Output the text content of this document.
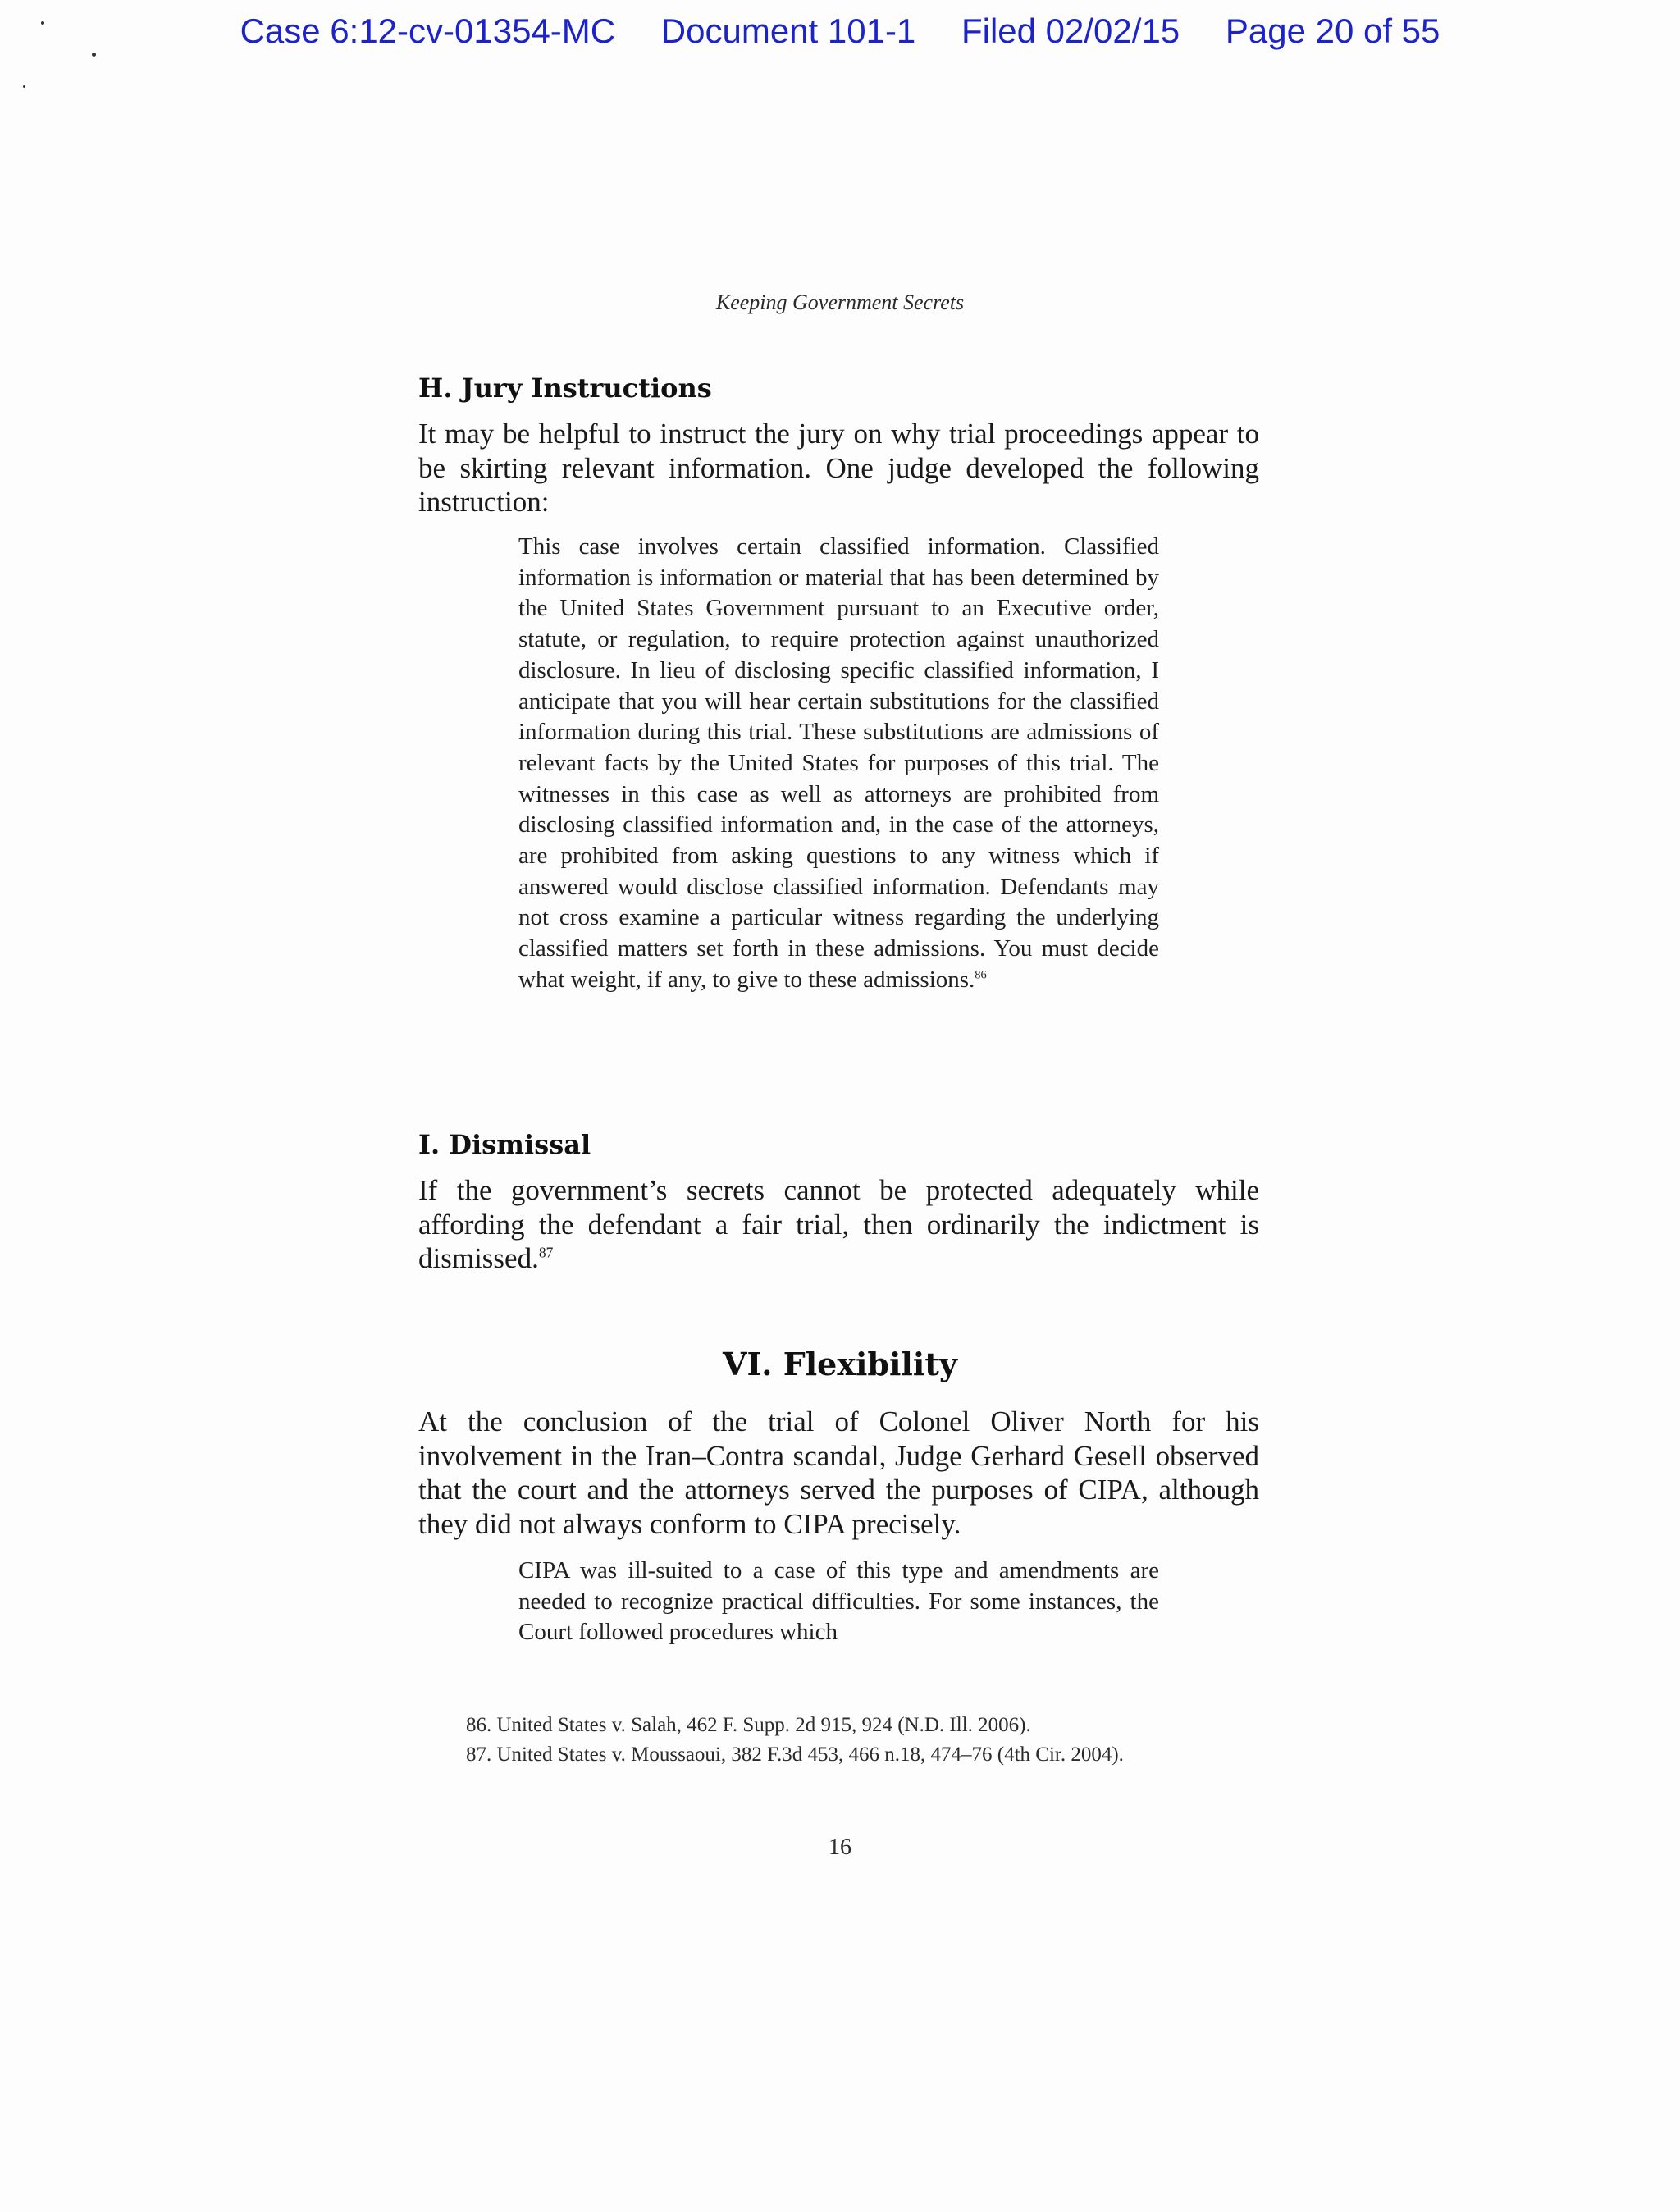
Case 6:12-cv-01354-MC Document 101-1 Filed 02/02/15 Page 20 of 55
Keeping Government Secrets
H. Jury Instructions

It may be helpful to instruct the jury on why trial proceedings appear to be skirting relevant information. One judge developed the following instruction:

This case involves certain classified information. Classified information is information or material that has been determined by the United States Government pursuant to an Executive order, statute, or regulation, to require protection against unauthorized disclosure. In lieu of disclosing specific classified information, I anticipate that you will hear certain substitutions for the classified information during this trial. These substitutions are admissions of relevant facts by the United States for purposes of this trial. The witnesses in this case as well as attorneys are prohibited from disclosing classified information and, in the case of the attorneys, are prohibited from asking questions to any witness which if answered would disclose classified information. Defendants may not cross examine a particular witness regarding the underlying classified matters set forth in these admissions. You must decide what weight, if any, to give to these admissions.$^{86}$

I. Dismissal

If the government’s secrets cannot be protected adequately while affording the defendant a fair trial, then ordinarily the indictment is dismissed.$^{87}$

VI. Flexibility

At the conclusion of the trial of Colonel Oliver North for his involvement in the Iran–Contra scandal, Judge Gerhard Gesell observed that the court and the attorneys served the purposes of CIPA, although they did not always conform to CIPA precisely.

CIPA was ill-suited to a case of this type and amendments are needed to recognize practical difficulties. For some instances, the Court followed procedures which

86. United States v. Salah, 462 F. Supp. 2d 915, 924 (N.D. Ill. 2006).

87. United States v. Moussaoui, 382 F.3d 453, 466 n.18, 474–76 (4th Cir. 2004).

16
